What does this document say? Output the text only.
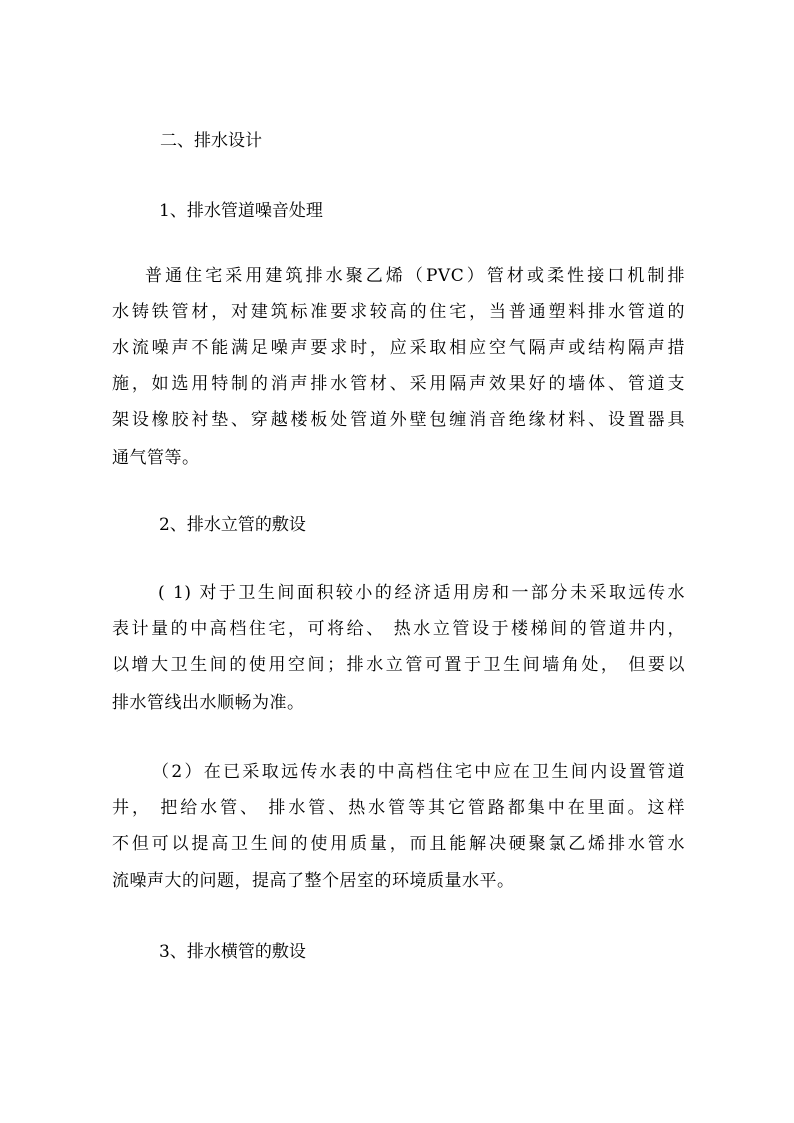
二、排水设计
1、排水管道噪音处理
普通住宅采用建筑排水聚乙烯（PVC）管材或柔性接口机制排
水铸铁管材，对建筑标准要求较高的住宅，当普通塑料排水管道的
水流噪声不能满足噪声要求时，应采取相应空气隔声或结构隔声措
施，如选用特制的消声排水管材、采用隔声效果好的墙体、管道支
架设橡胶衬垫、穿越楼板处管道外壁包缠消音绝缘材料、设置器具
通气管等。
2、排水立管的敷设
( 1) 对于卫生间面积较小的经济适用房和一部分未采取远传水
表计量的中高档住宅，可将给、 热水立管设于楼梯间的管道井内，
以增大卫生间的使用空间；排水立管可置于卫生间墙角处， 但要以
排水管线出水顺畅为准。
（2）在已采取远传水表的中高档住宅中应在卫生间内设置管道
井， 把给水管、 排水管、热水管等其它管路都集中在里面。这样
不但可以提高卫生间的使用质量，而且能解决硬聚氯乙烯排水管水
流噪声大的问题，提高了整个居室的环境质量水平。
3、排水横管的敷设
